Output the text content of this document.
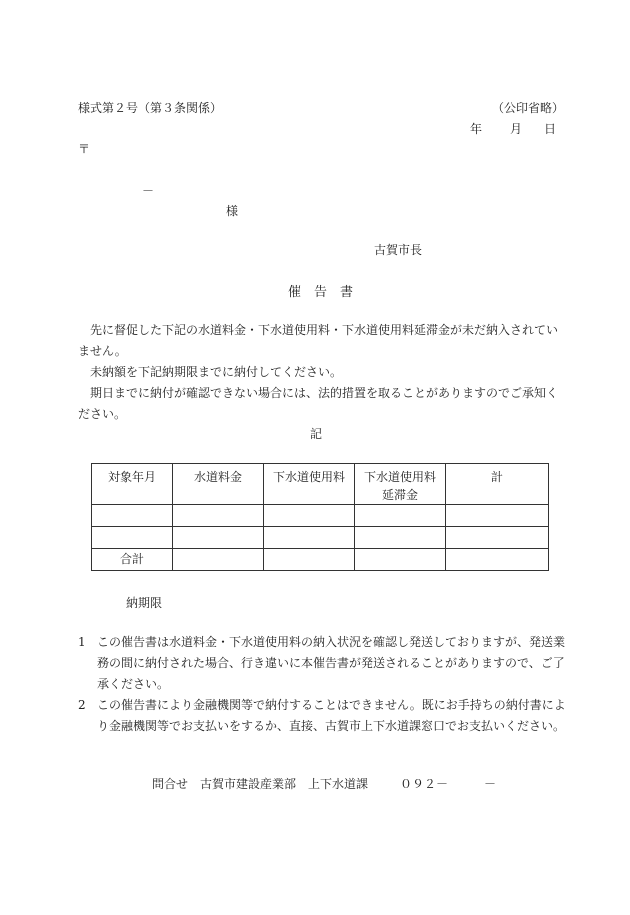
様式第２号（第３条関係）	（公印省略）
年 月 日
〒
－
様
古賀市長
催　告　書

先に督促した下記の水道料金・下水道使用料・下水道使用料延滞金が未だ納入されていません。

未納額を下記納期限までに納付してください。

期日までに納付が確認できない場合には、法的措置を取ることがありますのでご承知ください。

記
対象年月	水道料金	下水道使用料	下水道使用料延滞金	計

合計				
納期限
1 この催告書は水道料金・下水道使用料の納入状況を確認し発送しておりますが、発送業務の間に納付された場合、行き違いに本催告書が発送されることがありますので、ご了承ください。
2 この催告書により金融機関等で納付することはできません。既にお手持ちの納付書により金融機関等でお支払いをするか、直接、古賀市上下水道課窓口でお支払いください。
問合せ 古賀市建設産業部　上下水道課	０９２－	－
